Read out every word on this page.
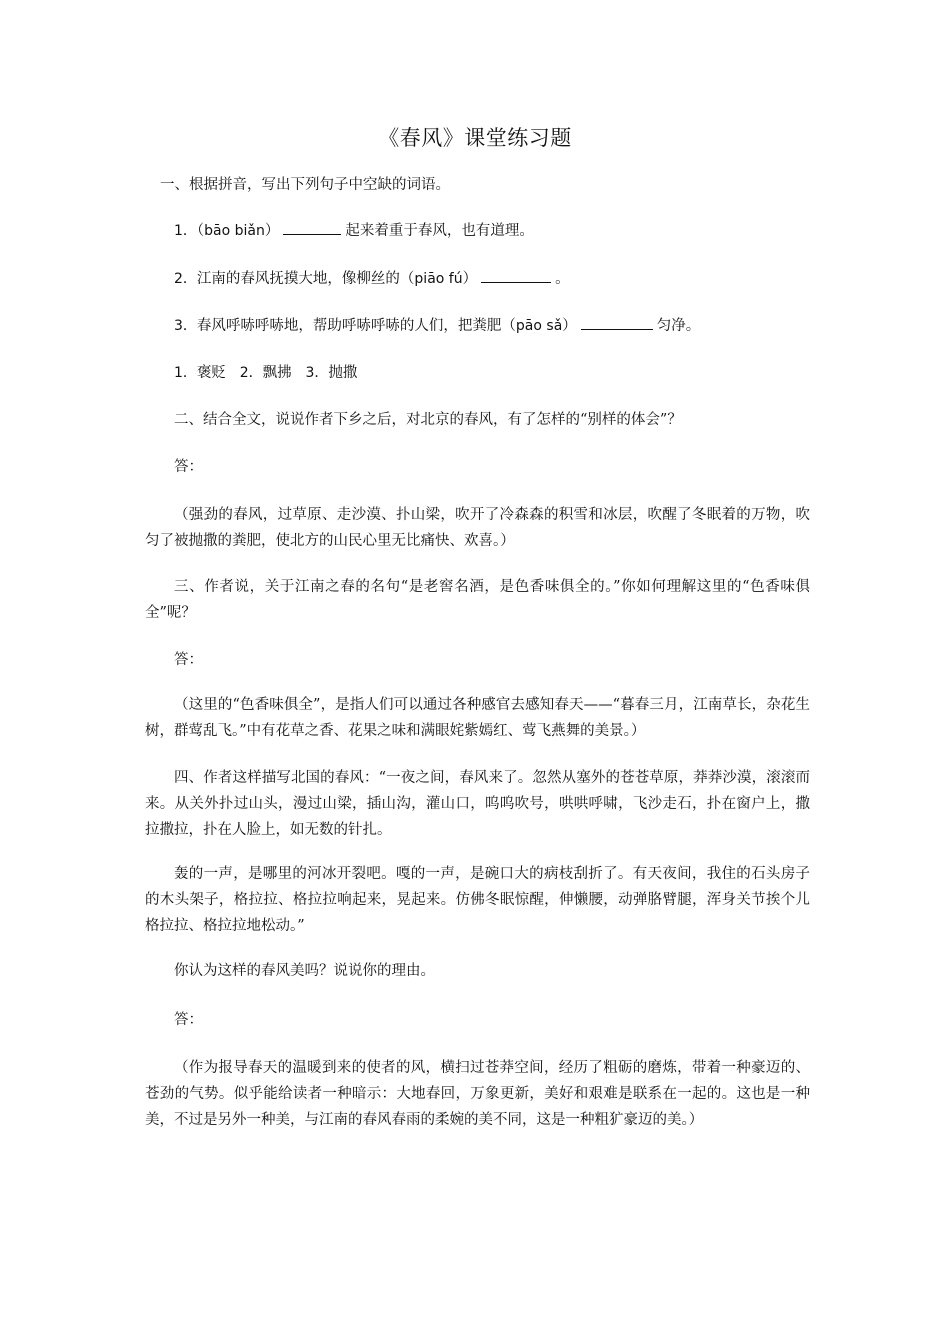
《春风》课堂练习题
一、根据拼音，写出下列句子中空缺的词语。
1．（bāo biǎn）	起来着重于春风，也有道理。
2．江南的春风抚摸大地，像柳丝的（piāo fú）	。
3．春风呼哧呼哧地，帮助呼哧呼哧的人们，把粪肥（pāo sǎ）	匀净。
1．褒贬 2．飘拂 3．抛撒
二、结合全文，说说作者下乡之后，对北京的春风，有了怎样的“别样的体会”？
答：
（强劲的春风，过草原、走沙漠、扑山梁，吹开了冷森森的积雪和冰层，吹醒了冬眠着的万物，吹匀了被抛撒的粪肥，使北方的山民心里无比痛快、欢喜。）
三、作者说，关于江南之春的名句“是老窖名酒，是色香味俱全的。”你如何理解这里的“色香味俱全”呢？
答：
（这里的“色香味俱全”，是指人们可以通过各种感官去感知春天——“暮春三月，江南草长，杂花生树，群莺乱飞。”中有花草之香、花果之味和满眼姹紫嫣红、莺飞燕舞的美景。）
四、作者这样描写北国的春风：“一夜之间，春风来了。忽然从塞外的苍苍草原，莽莽沙漠，滚滚而来。从关外扑过山头，漫过山梁，插山沟，灌山口，呜呜吹号，哄哄呼啸，飞沙走石，扑在窗户上，撒拉撒拉，扑在人脸上，如无数的针扎。
轰的一声，是哪里的河冰开裂吧。嘎的一声，是碗口大的病枝刮折了。有天夜间，我住的石头房子的木头架子，格拉拉、格拉拉响起来，晃起来。仿佛冬眠惊醒，伸懒腰，动弹胳臂腿，浑身关节挨个儿格拉拉、格拉拉地松动。”
你认为这样的春风美吗？说说你的理由。
答：
（作为报导春天的温暖到来的使者的风，横扫过苍莽空间，经历了粗砺的磨炼，带着一种豪迈的、苍劲的气势。似乎能给读者一种暗示：大地春回，万象更新，美好和艰难是联系在一起的。这也是一种美，不过是另外一种美，与江南的春风春雨的柔婉的美不同，这是一种粗犷豪迈的美。）
